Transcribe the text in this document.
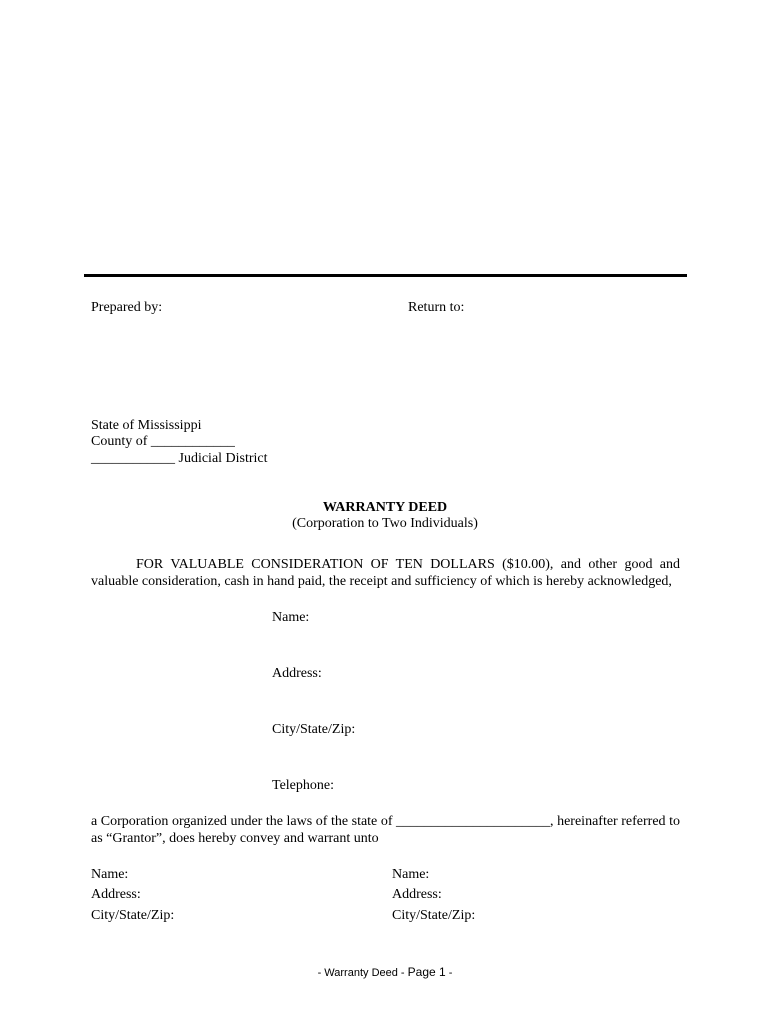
Prepared by:	Return to:
State of Mississippi
County of ____________
____________ Judicial District
WARRANTY DEED
(Corporation to Two Individuals)
FOR VALUABLE CONSIDERATION OF TEN DOLLARS ($10.00), and other good and valuable consideration, cash in hand paid, the receipt and sufficiency of which is hereby acknowledged,
Name:
Address:
City/State/Zip:
Telephone:
a Corporation organized under the laws of the state of ______________________, hereinafter referred to as “Grantor”, does hereby convey and warrant unto
Name:
Address:
City/State/Zip:
Name:
Address:
City/State/Zip:
- Warranty Deed - Page 1 -
